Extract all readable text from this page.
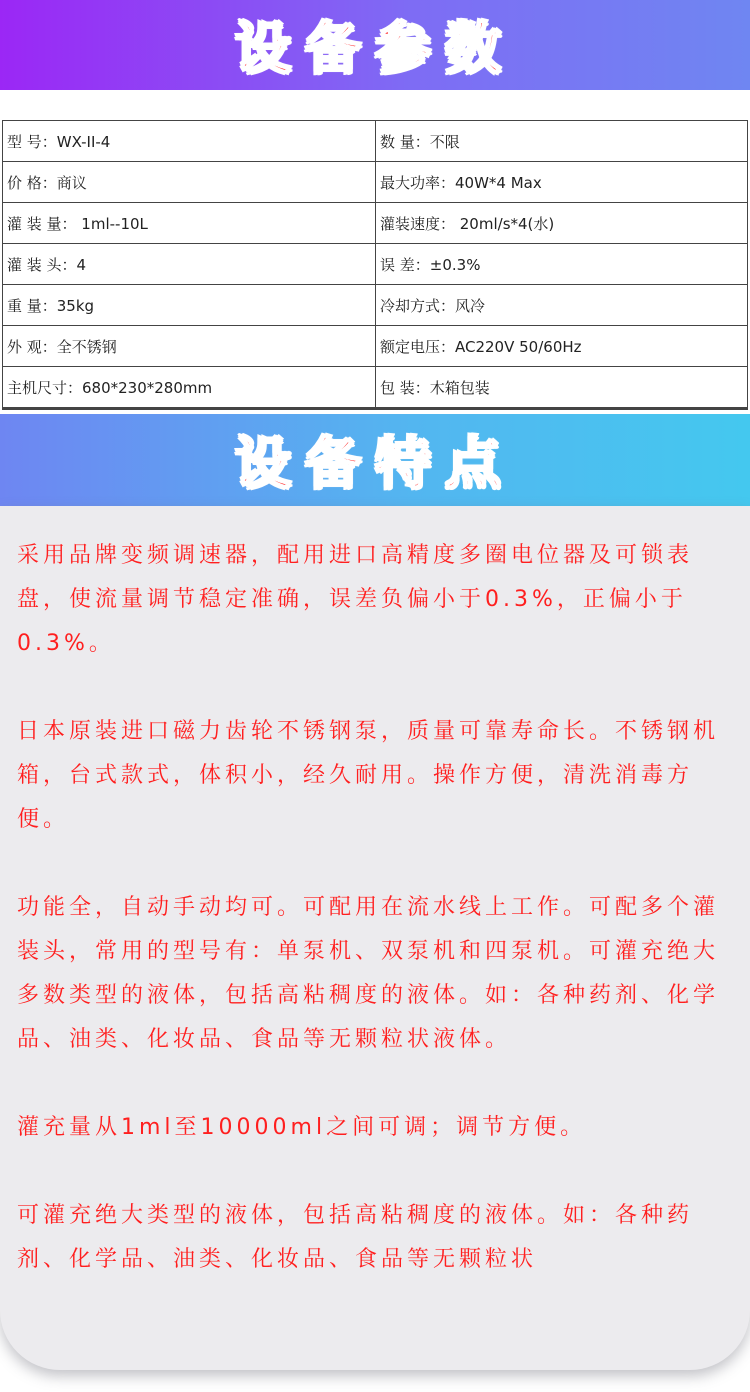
设备参数
型 号：WX-II-4	数 量：不限
价 格：商议	最大功率：40W*4 Max
灌 装 量： 1ml--10L	灌装速度： 20ml/s*4(水)
灌 装 头：4	误 差：±0.3%
重 量：35kg	冷却方式：风冷
外 观：全不锈钢	额定电压：AC220V 50/60Hz
主机尺寸：680*230*280mm	包 装：木箱包装
设备特点

采用品牌变频调速器，配用进口高精度多圈电位器及可锁表盘，使流量调节稳定准确，误差负偏小于0.3%，正偏小于0.3%。

日本原装进口磁力齿轮不锈钢泵，质量可靠寿命长。不锈钢机箱，台式款式，体积小，经久耐用。操作方便，清洗消毒方便。

功能全，自动手动均可。可配用在流水线上工作。可配多个灌装头，常用的型号有：单泵机、双泵机和四泵机。可灌充绝大多数类型的液体，包括高粘稠度的液体。如：各种药剂、化学品、油类、化妆品、食品等无颗粒状液体。

灌充量从1ml至10000ml之间可调；调节方便。

可灌充绝大类型的液体，包括高粘稠度的液体。如：各种药剂、化学品、油类、化妆品、食品等无颗粒状
